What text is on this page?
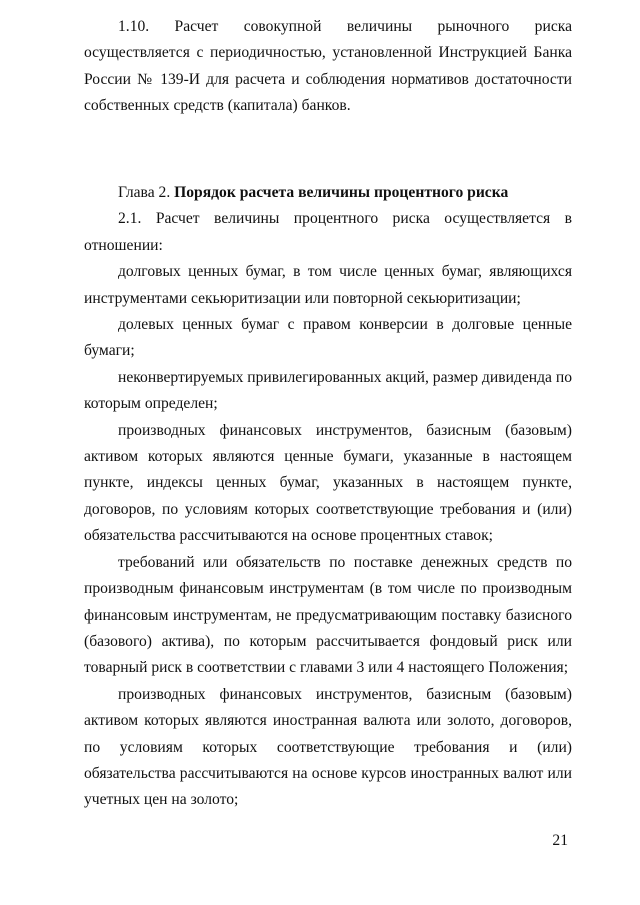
1.10. Расчет совокупной величины рыночного риска осуществляется с периодичностью, установленной Инструкцией Банка России № 139-И для расчета и соблюдения нормативов достаточности собственных средств (капитала) банков.

Глава 2. Порядок расчета величины процентного риска

2.1. Расчет величины процентного риска осуществляется в отношении:

долговых ценных бумаг, в том числе ценных бумаг, являющихся инструментами секьюритизации или повторной секьюритизации;

долевых ценных бумаг с правом конверсии в долговые ценные бумаги;

неконвертируемых привилегированных акций, размер дивиденда по которым определен;

производных финансовых инструментов, базисным (базовым) активом которых являются ценные бумаги, указанные в настоящем пункте, индексы ценных бумаг, указанных в настоящем пункте, договоров, по условиям которых соответствующие требования и (или) обязательства рассчитываются на основе процентных ставок;

требований или обязательств по поставке денежных средств по производным финансовым инструментам (в том числе по производным финансовым инструментам, не предусматривающим поставку базисного (базового) актива), по которым рассчитывается фондовый риск или товарный риск в соответствии с главами 3 или 4 настоящего Положения;

производных финансовых инструментов, базисным (базовым) активом которых являются иностранная валюта или золото, договоров, по условиям которых соответствующие требования и (или) обязательства рассчитываются на основе курсов иностранных валют или учетных цен на золото;

21
